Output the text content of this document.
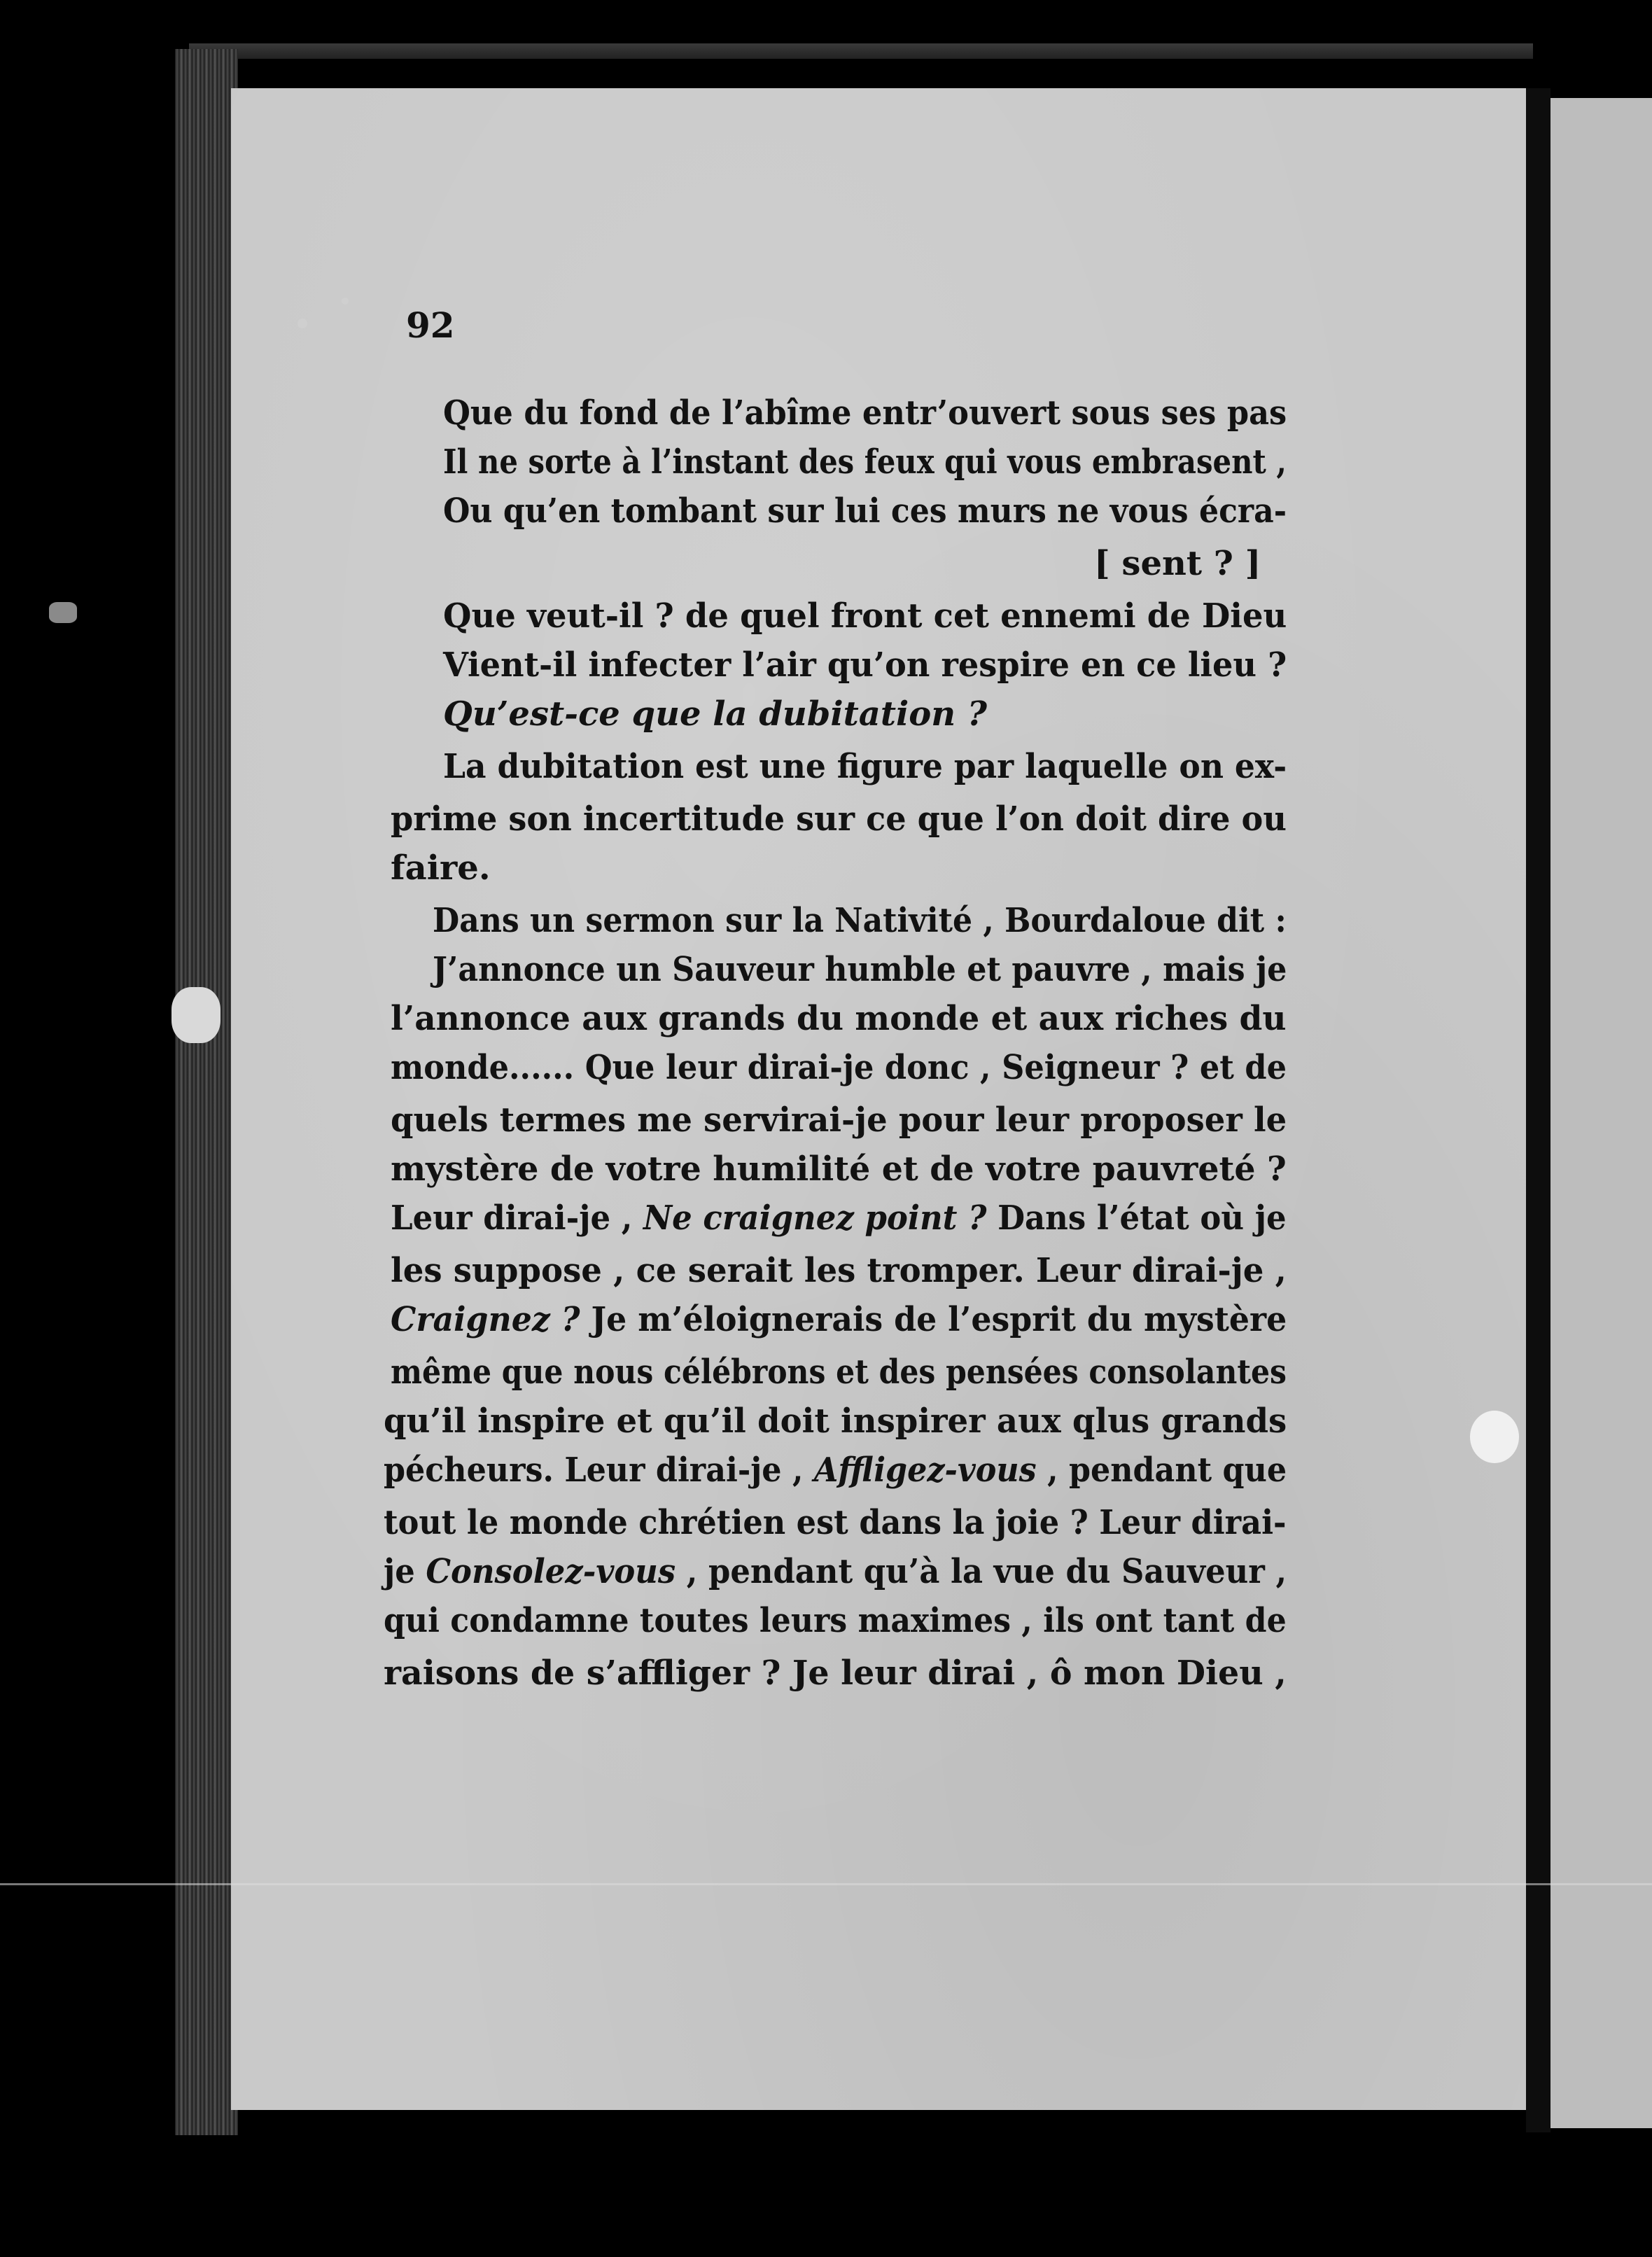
92

Que du fond de l’abîme entr’ouvert sous ses pas
Il ne sorte à l’instant des feux qui vous embrasent ,
Ou qu’en tombant sur lui ces murs ne vous écra-
[ sent ? ]
Que veut-il ? de quel front cet ennemi de Dieu
Vient-il infecter l’air qu’on respire en ce lieu ?
Qu’est-ce que la dubitation ?
La dubitation est une figure par laquelle on ex-
prime son incertitude sur ce que l’on doit dire ou
faire.
Dans un sermon sur la Nativité , Bourdaloue dit :
J’annonce un Sauveur humble et pauvre , mais je
l’annonce aux grands du monde et aux riches du
monde...... Que leur dirai-je donc , Seigneur ? et de
quels termes me servirai-je pour leur proposer le
mystère de votre humilité et de votre pauvreté ?
Leur dirai-je , Ne craignez point ? Dans l’état où je
les suppose , ce serait les tromper. Leur dirai-je ,
Craignez ? Je m’éloignerais de l’esprit du mystère
même que nous célébrons et des pensées consolantes
qu’il inspire et qu’il doit inspirer aux qlus grands
pécheurs. Leur dirai-je , Affligez-vous , pendant que
tout le monde chrétien est dans la joie ? Leur dirai-
je Consolez-vous , pendant qu’à la vue du Sauveur ,
qui condamne toutes leurs maximes , ils ont tant de
raisons de s’affliger ? Je leur dirai , ô mon Dieu ,
